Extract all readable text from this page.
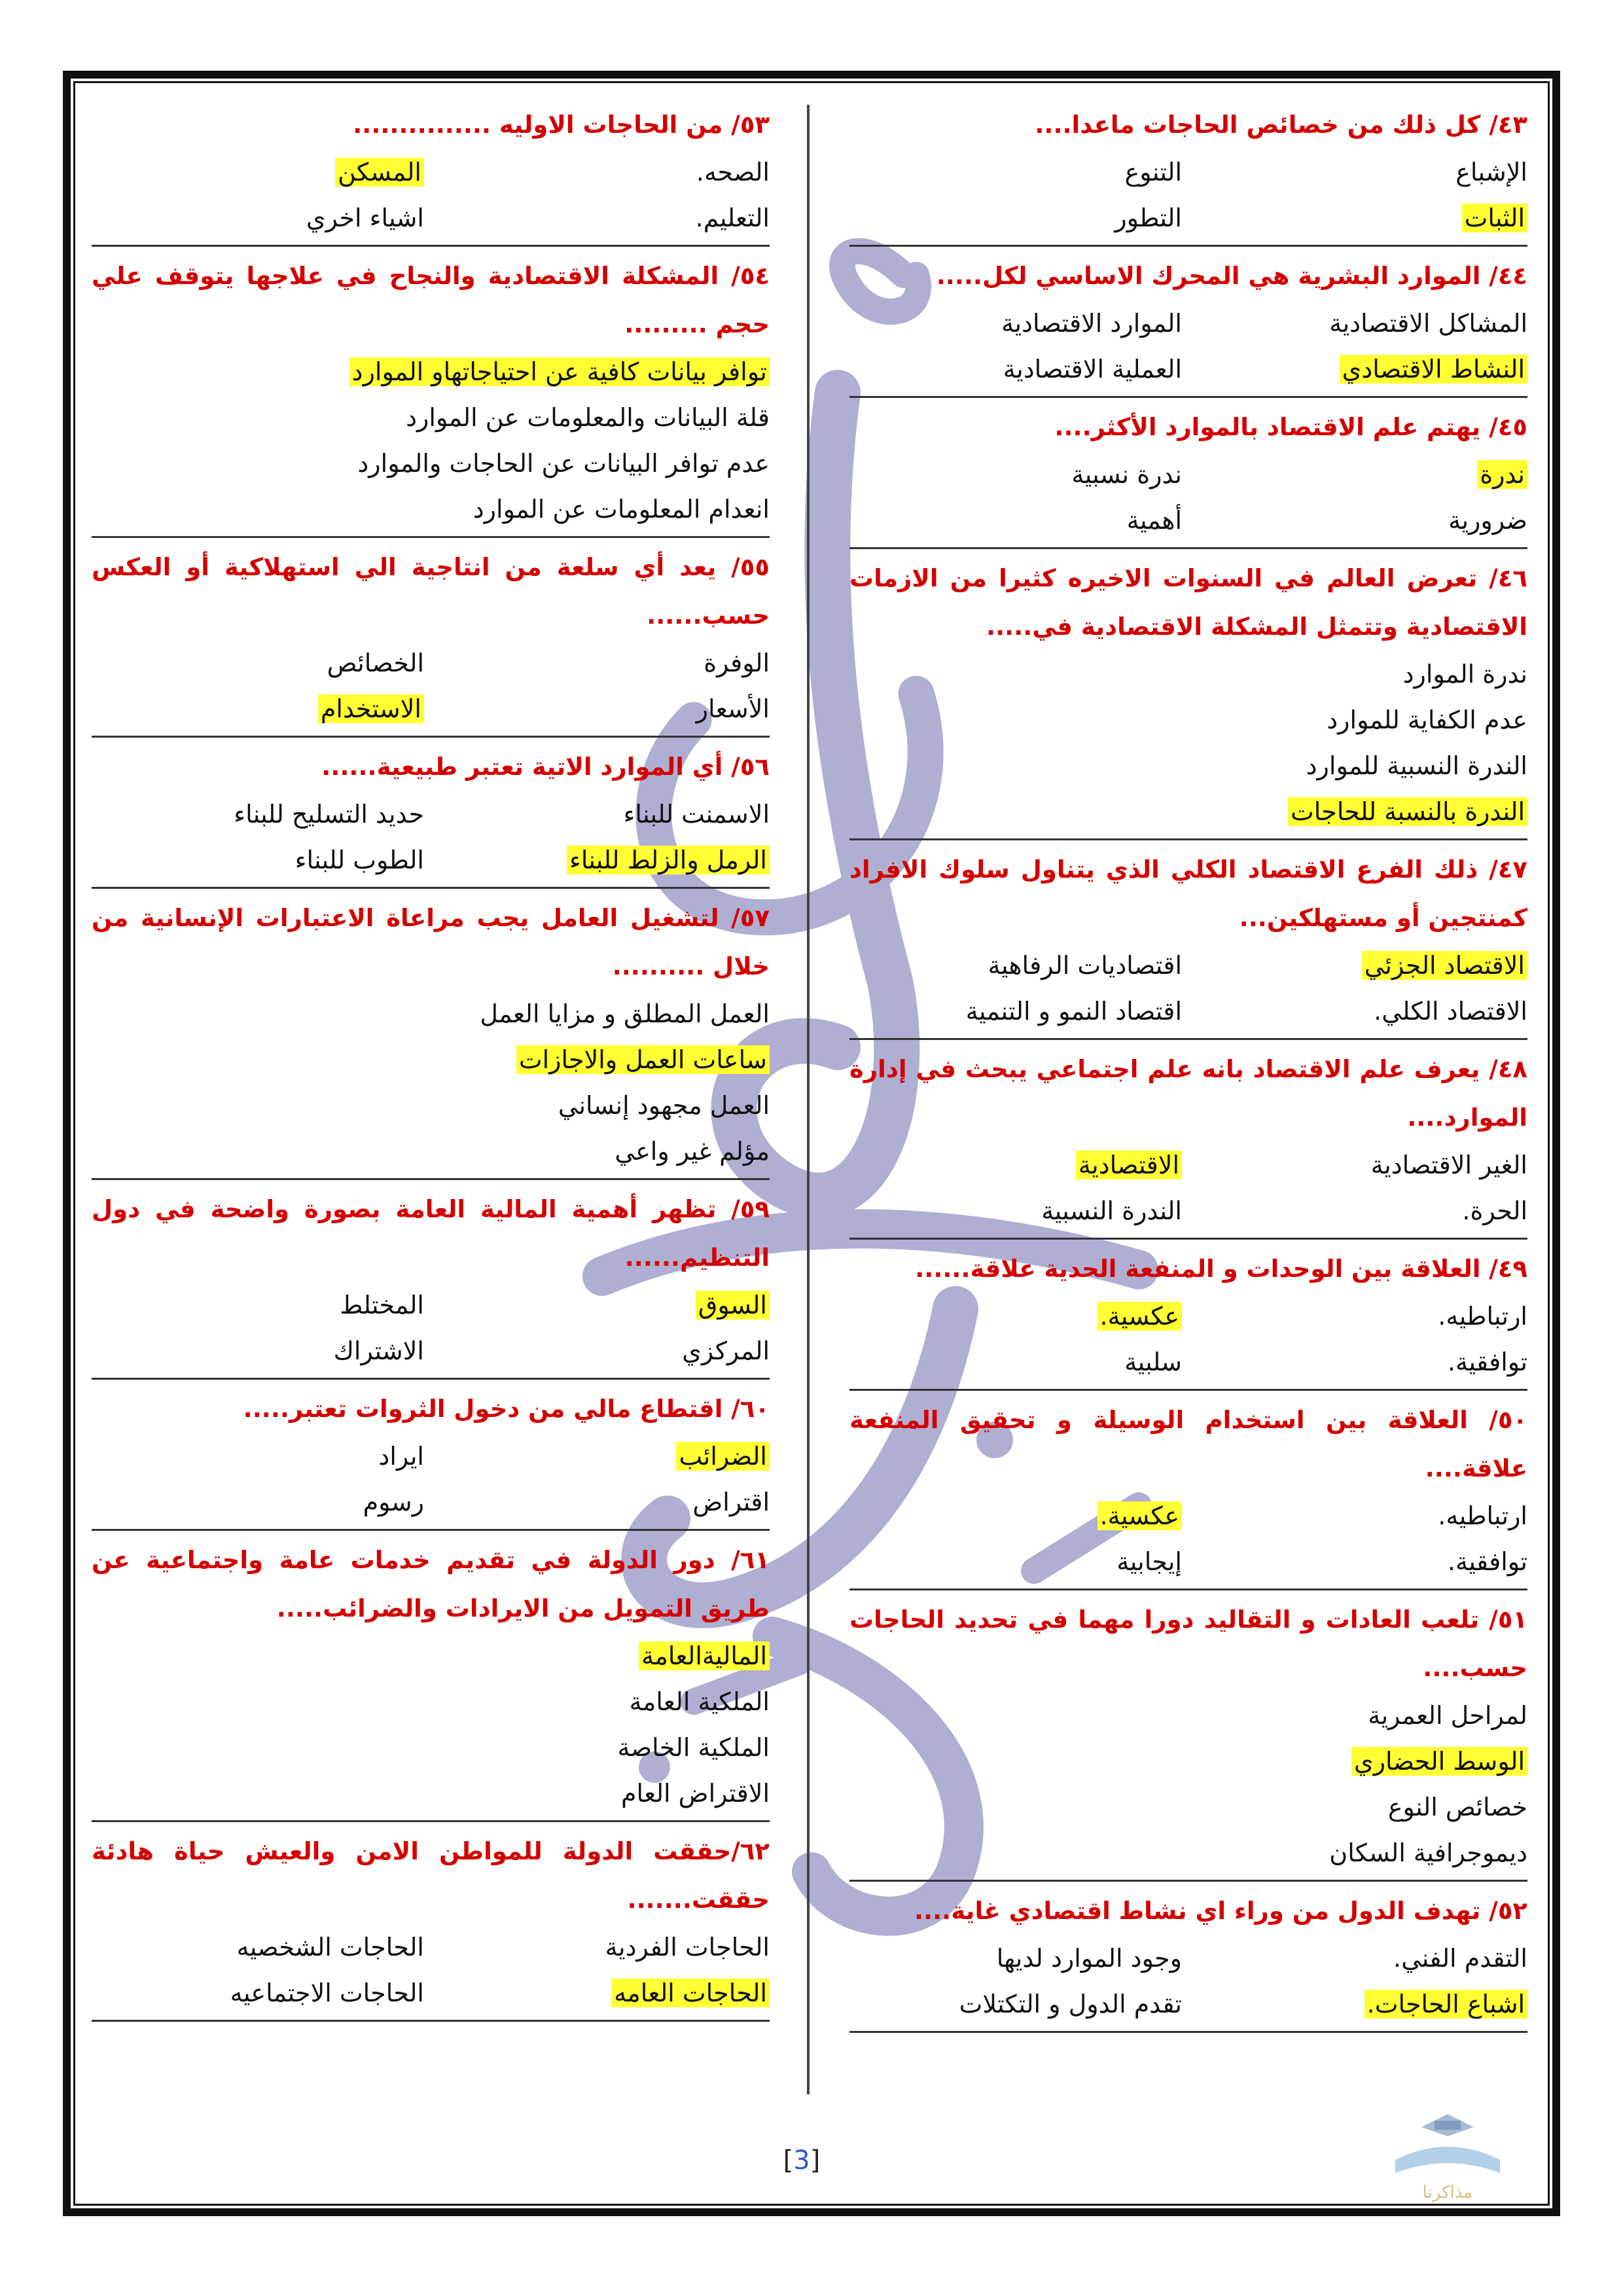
٤٣/ كل ذلك من خصائص الحاجات ماعدا....
الإشباع
التنوع
الثبات
التطور
٤٤/ الموارد البشرية هي المحرك الاساسي لكل.....
المشاكل الاقتصادية
الموارد الاقتصادية
النشاط الاقتصادي
العملية الاقتصادية
٤٥/ يهتم علم الاقتصاد بالموارد الأكثر....
ندرة
ندرة نسبية
ضرورية
أهمية
٤٦/ تعرض العالم في السنوات الاخيره كثيرا من الازمات الاقتصادية وتتمثل المشكلة الاقتصادية في.....
ندرة الموارد
عدم الكفاية للموارد
الندرة النسبية للموارد
الندرة بالنسبة للحاجات
٤٧/ ذلك الفرع الاقتصاد الكلي الذي يتناول سلوك الافراد كمنتجين أو مستهلكين...
الاقتصاد الجزئي
اقتصاديات الرفاهية
الاقتصاد الكلي.
اقتصاد النمو و التنمية
٤٨/ يعرف علم الاقتصاد بانه علم اجتماعي يبحث في إدارة الموارد....
الغير الاقتصادية
الاقتصادية
الحرة.
الندرة النسبية
٤٩/ العلاقة بين الوحدات و المنفعة الحدية علاقة......
ارتباطيه.
عكسية.
توافقية.
سلبية
٥٠/ العلاقة بين استخدام الوسيلة و تحقيق المنفعة علاقة....
ارتباطيه.
عكسية.
توافقية.
إيجابية
٥١/ تلعب العادات و التقاليد دورا مهما في تحديد الحاجات حسب....
لمراحل العمرية
الوسط الحضاري
خصائص النوع
ديموجرافية السكان
٥٢/ تهدف الدول من وراء اي نشاط اقتصادي غاية....
التقدم الفني.
وجود الموارد لديها
اشباع الحاجات.
تقدم الدول و التكتلات
٥٣/ من الحاجات الاوليه ...............
الصحه.
المسكن
التعليم.
اشياء اخري
٥٤/ المشكلة الاقتصادية والنجاح في علاجها يتوقف علي حجم .........
توافر بيانات كافية عن احتياجاتهاو الموارد
قلة البيانات والمعلومات عن الموارد
عدم توافر البيانات عن الحاجات والموارد
انعدام المعلومات عن الموارد
٥٥/ يعد أي سلعة من انتاجية الي استهلاكية أو العكس حسب......
الوفرة
الخصائص
الأسعار
الاستخدام
٥٦/ أي الموارد الاتية تعتبر طبيعية......
الاسمنت للبناء
حديد التسليح للبناء
الرمل والزلط للبناء
الطوب للبناء
٥٧/ لتشغيل العامل يجب مراعاة الاعتبارات الإنسانية من خلال ..........
العمل المطلق و مزايا العمل
ساعات العمل والاجازات
العمل مجهود إنساني
مؤلم غير واعي
٥٩/ تظهر أهمية المالية العامة بصورة واضحة في دول التنظيم......
السوق
المختلط
المركزي
الاشتراك
٦٠/ اقتطاع مالي من دخول الثروات تعتبر.....
الضرائب
ايراد
اقتراض
رسوم
٦١/ دور الدولة في تقديم خدمات عامة واجتماعية عن طريق التمويل من الايرادات والضرائب.....
الماليةالعامة
الملكية العامة
الملكية الخاصة
الاقتراض العام
٦٢/حققت الدولة للمواطن الامن والعيش حياة هادئة حققت.......
الحاجات الفردية
الحاجات الشخصيه
الحاجات العامه
الحاجات الاجتماعيه
[3]
مذاكرنا
